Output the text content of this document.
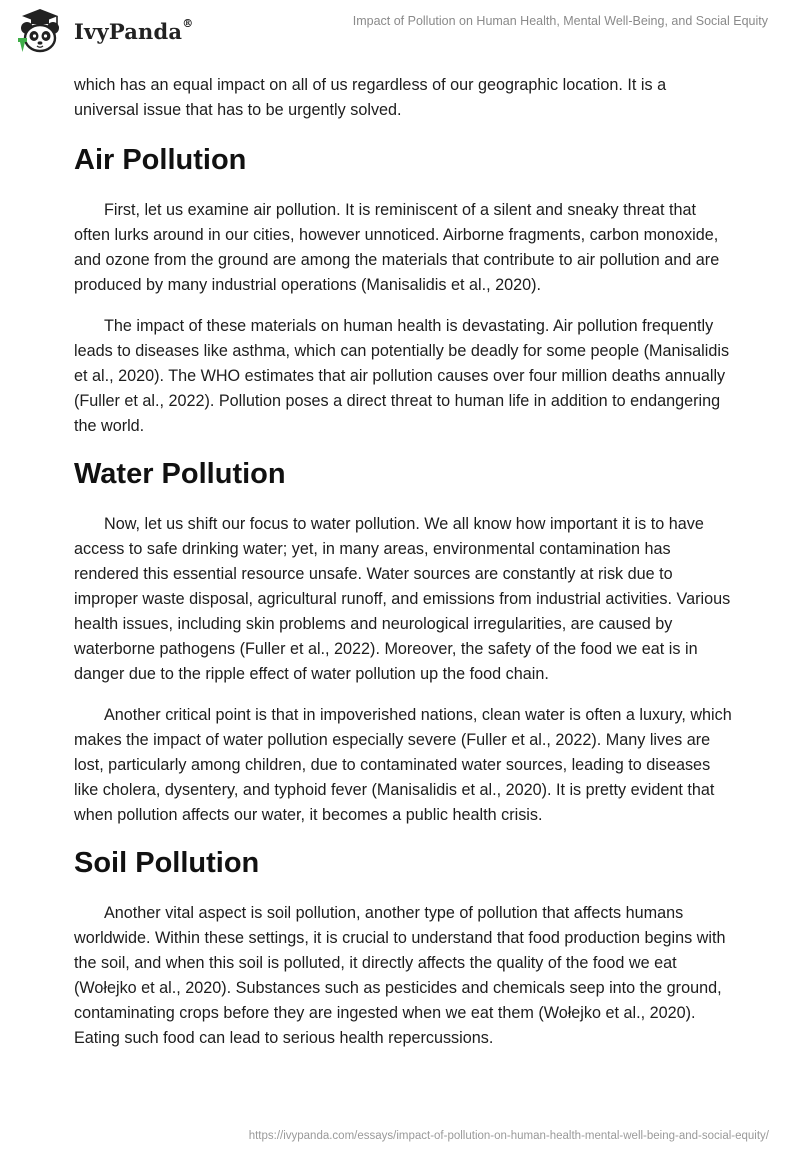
IvyPanda®	Impact of Pollution on Human Health, Mental Well-Being, and Social Equity

which has an equal impact on all of us regardless of our geographic location. It is a universal issue that has to be urgently solved.

Air Pollution

First, let us examine air pollution. It is reminiscent of a silent and sneaky threat that often lurks around in our cities, however unnoticed. Airborne fragments, carbon monoxide, and ozone from the ground are among the materials that contribute to air pollution and are produced by many industrial operations (Manisalidis et al., 2020).

The impact of these materials on human health is devastating. Air pollution frequently leads to diseases like asthma, which can potentially be deadly for some people (Manisalidis et al., 2020). The WHO estimates that air pollution causes over four million deaths annually (Fuller et al., 2022). Pollution poses a direct threat to human life in addition to endangering the world.

Water Pollution

Now, let us shift our focus to water pollution. We all know how important it is to have access to safe drinking water; yet, in many areas, environmental contamination has rendered this essential resource unsafe. Water sources are constantly at risk due to improper waste disposal, agricultural runoff, and emissions from industrial activities. Various health issues, including skin problems and neurological irregularities, are caused by waterborne pathogens (Fuller et al., 2022). Moreover, the safety of the food we eat is in danger due to the ripple effect of water pollution up the food chain.

Another critical point is that in impoverished nations, clean water is often a luxury, which makes the impact of water pollution especially severe (Fuller et al., 2022). Many lives are lost, particularly among children, due to contaminated water sources, leading to diseases like cholera, dysentery, and typhoid fever (Manisalidis et al., 2020). It is pretty evident that when pollution affects our water, it becomes a public health crisis.

Soil Pollution

Another vital aspect is soil pollution, another type of pollution that affects humans worldwide. Within these settings, it is crucial to understand that food production begins with the soil, and when this soil is polluted, it directly affects the quality of the food we eat (Wołejko et al., 2020). Substances such as pesticides and chemicals seep into the ground, contaminating crops before they are ingested when we eat them (Wołejko et al., 2020). Eating such food can lead to serious health repercussions.

https://ivypanda.com/essays/impact-of-pollution-on-human-health-mental-well-being-and-social-equity/
